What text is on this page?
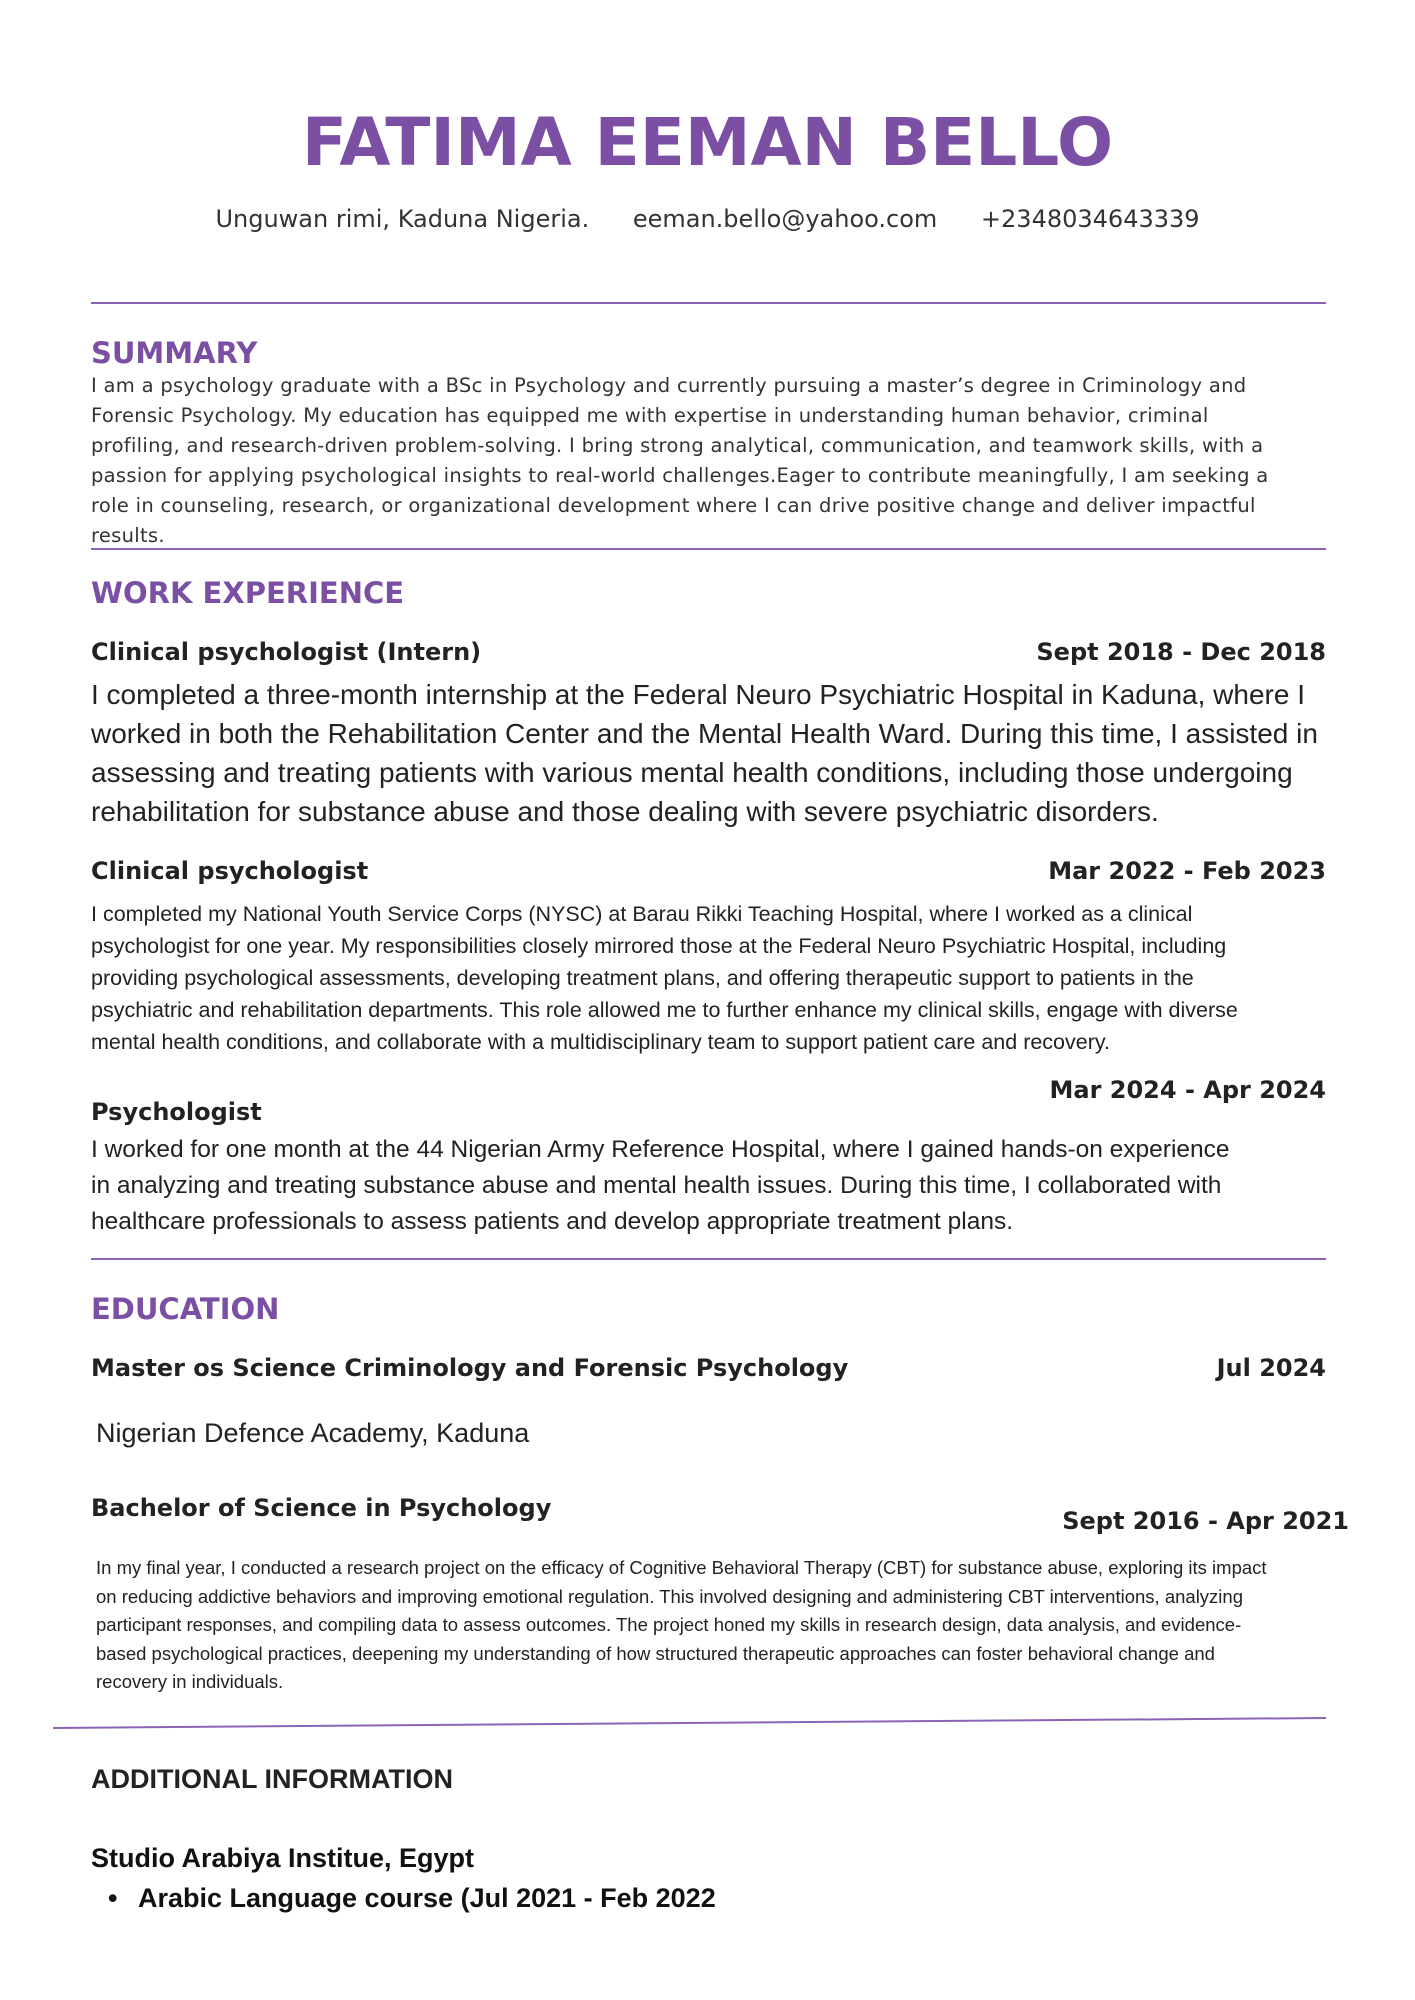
FATIMA EEMAN BELLO
Unguwan rimi, Kaduna Nigeria. eeman.bello@yahoo.com +2348034643339
SUMMARY
I am a psychology graduate with a BSc in Psychology and currently pursuing a master’s degree in Criminology and
Forensic Psychology. My education has equipped me with expertise in understanding human behavior, criminal
profiling, and research-driven problem-solving. I bring strong analytical, communication, and teamwork skills, with a
passion for applying psychological insights to real-world challenges.Eager to contribute meaningfully, I am seeking a
role in counseling, research, or organizational development where I can drive positive change and deliver impactful
results.
WORK EXPERIENCE
Clinical psychologist (Intern)	Sept 2018 - Dec 2018
I completed a three-month internship at the Federal Neuro Psychiatric Hospital in Kaduna, where I
worked in both the Rehabilitation Center and the Mental Health Ward. During this time, I assisted in
assessing and treating patients with various mental health conditions, including those undergoing
rehabilitation for substance abuse and those dealing with severe psychiatric disorders.
Clinical psychologist	Mar 2022 - Feb 2023
I completed my National Youth Service Corps (NYSC) at Barau Rikki Teaching Hospital, where I worked as a clinical
psychologist for one year. My responsibilities closely mirrored those at the Federal Neuro Psychiatric Hospital, including
providing psychological assessments, developing treatment plans, and offering therapeutic support to patients in the
psychiatric and rehabilitation departments. This role allowed me to further enhance my clinical skills, engage with diverse
mental health conditions, and collaborate with a multidisciplinary team to support patient care and recovery.
Mar 2024 - Apr 2024
Psychologist
I worked for one month at the 44 Nigerian Army Reference Hospital, where I gained hands-on experience
in analyzing and treating substance abuse and mental health issues. During this time, I collaborated with
healthcare professionals to assess patients and develop appropriate treatment plans.
EDUCATION
Master os Science Criminology and Forensic Psychology	Jul 2024
Nigerian Defence Academy, Kaduna
Bachelor of Science in Psychology	Sept 2016 - Apr 2021
In my final year, I conducted a research project on the efficacy of Cognitive Behavioral Therapy (CBT) for substance abuse, exploring its impact
on reducing addictive behaviors and improving emotional regulation. This involved designing and administering CBT interventions, analyzing
participant responses, and compiling data to assess outcomes. The project honed my skills in research design, data analysis, and evidence-
based psychological practices, deepening my understanding of how structured therapeutic approaches can foster behavioral change and
recovery in individuals.
ADDITIONAL INFORMATION
Studio Arabiya Institue, Egypt
• Arabic Language course (Jul 2021 - Feb 2022
